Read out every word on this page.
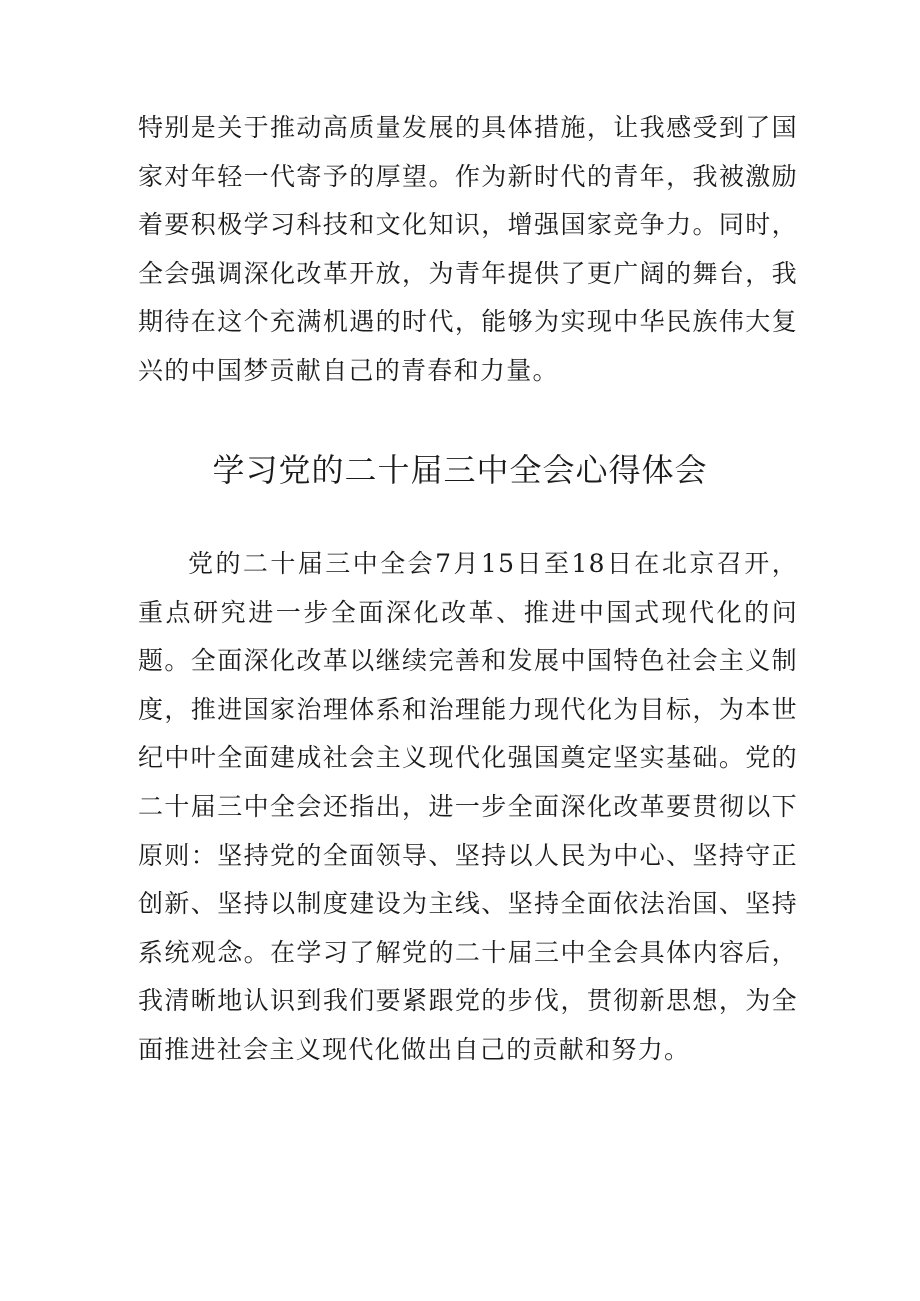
特别是关于推动高质量发展的具体措施，让我感受到了国家对年轻一代寄予的厚望。作为新时代的青年，我被激励着要积极学习科技和文化知识，增强国家竞争力。同时，全会强调深化改革开放，为青年提供了更广阔的舞台，我期待在这个充满机遇的时代，能够为实现中华民族伟大复兴的中国梦贡献自己的青春和力量。

学习党的二十届三中全会心得体会

党的二十届三中全会7月15日至18日在北京召开，重点研究进一步全面深化改革、推进中国式现代化的问题。全面深化改革以继续完善和发展中国特色社会主义制度，推进国家治理体系和治理能力现代化为目标，为本世纪中叶全面建成社会主义现代化强国奠定坚实基础。党的二十届三中全会还指出，进一步全面深化改革要贯彻以下原则：坚持党的全面领导、坚持以人民为中心、坚持守正创新、坚持以制度建设为主线、坚持全面依法治国、坚持系统观念。在学习了解党的二十届三中全会具体内容后，我清晰地认识到我们要紧跟党的步伐，贯彻新思想，为全面推进社会主义现代化做出自己的贡献和努力。
